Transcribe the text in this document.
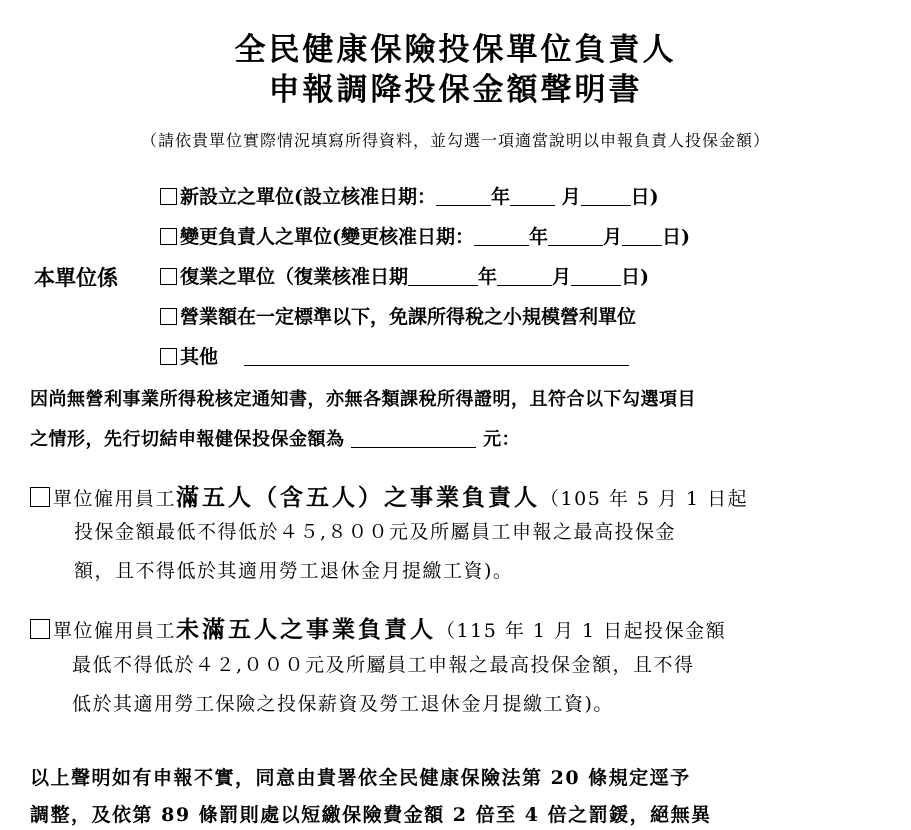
全民健康保險投保單位負責人
申報調降投保金額聲明書
（請依貴單位實際情況填寫所得資料，並勾選一項適當說明以申報負責人投保金額）
本單位係
新設立之單位(設立核准日期：	年	月	日)
變更負責人之單位(變更核准日期：	年	月 日)
復業之單位（復業核准日期	年	月	日)
營業額在一定標準以下，免課所得稅之小規模營利單位
其他
因尚無營利事業所得稅核定通知書，亦無各類課稅所得證明，且符合以下勾選項目
之情形，先行切結申報健保投保金額為	元：
單位僱用員工滿五人（含五人）之事業負責人（105 年 5 月 1 日起
投保金額最低不得低於４５,８００元及所屬員工申報之最高投保金
額，且不得低於其適用勞工退休金月提繳工資)。
單位僱用員工未滿五人之事業負責人（115 年 1 月 1 日起投保金額
最低不得低於４２,０００元及所屬員工申報之最高投保金額，且不得
低於其適用勞工保險之投保薪資及勞工退休金月提繳工資)。
以上聲明如有申報不實，同意由貴署依全民健康保險法第 20 條規定逕予
調整，及依第 89 條罰則處以短繳保險費金額 2 倍至 4 倍之罰鍰，絕無異
